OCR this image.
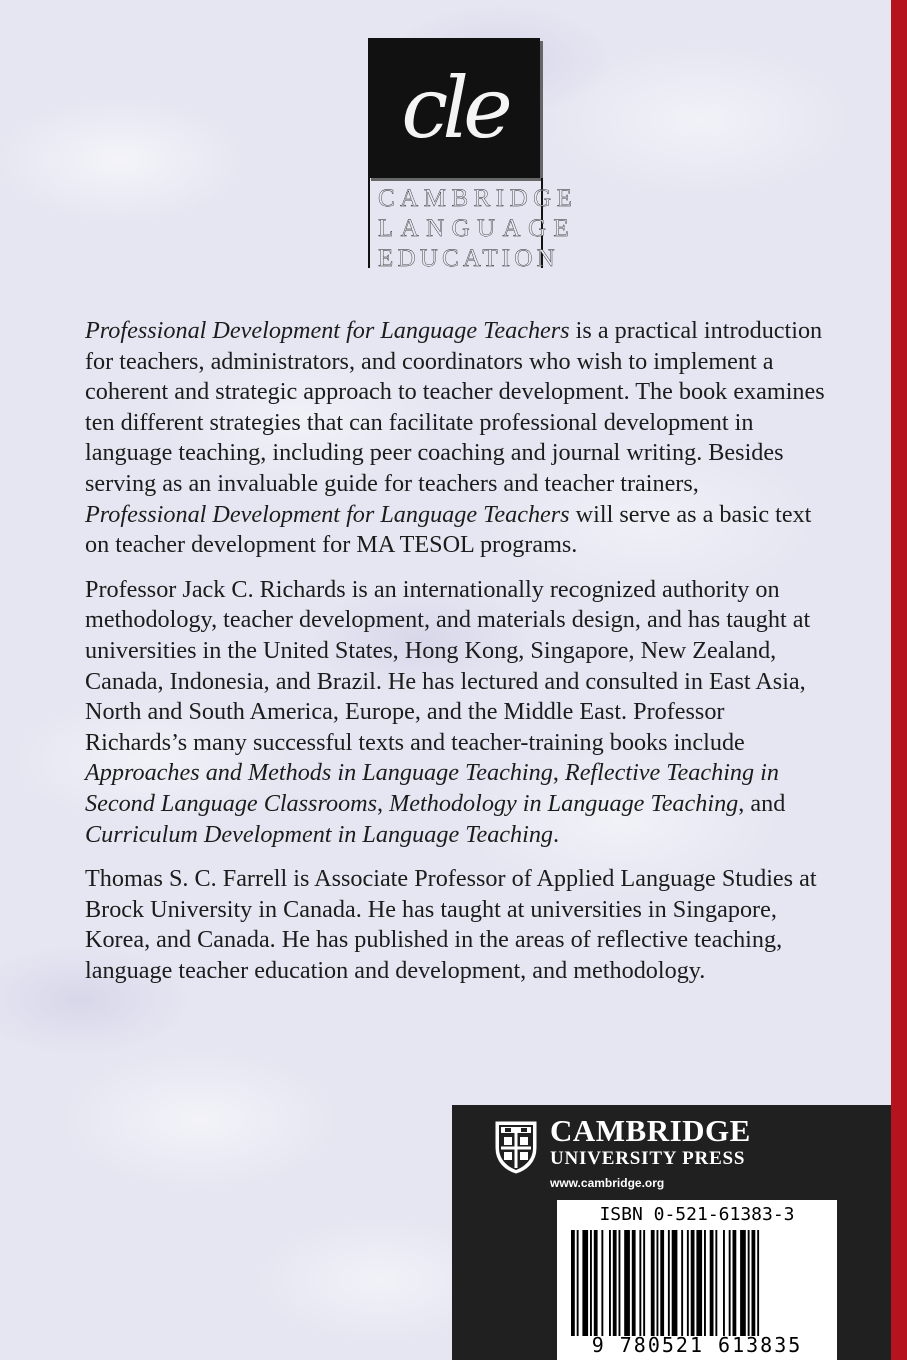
cle
CAMBRIDGE
LANGUAGE
EDUCATION

Professional Development for Language Teachers is a practical introduction for teachers, administrators, and coordinators who wish to implement a coherent and strategic approach to teacher development. The book examines ten different strategies that can facilitate professional development in language teaching, including peer coaching and journal writing. Besides serving as an invaluable guide for teachers and teacher trainers, Professional Development for Language Teachers will serve as a basic text on teacher development for MA TESOL programs.

Professor Jack C. Richards is an internationally recognized authority on methodology, teacher development, and materials design, and has taught at universities in the United States, Hong Kong, Singapore, New Zealand, Canada, Indonesia, and Brazil. He has lectured and consulted in East Asia, North and South America, Europe, and the Middle East. Professor Richards’s many successful texts and teacher-training books include Approaches and Methods in Language Teaching, Reflective Teaching in Second Language Classrooms, Methodology in Language Teaching, and Curriculum Development in Language Teaching.

Thomas S. C. Farrell is Associate Professor of Applied Language Studies at Brock University in Canada. He has taught at universities in Singapore, Korea, and Canada. He has published in the areas of reflective teaching, language teacher education and development, and methodology.

CAMBRIDGE
UNIVERSITY PRESS
www.cambridge.org
ISBN 0-521-61383-3
9 780521 613835
